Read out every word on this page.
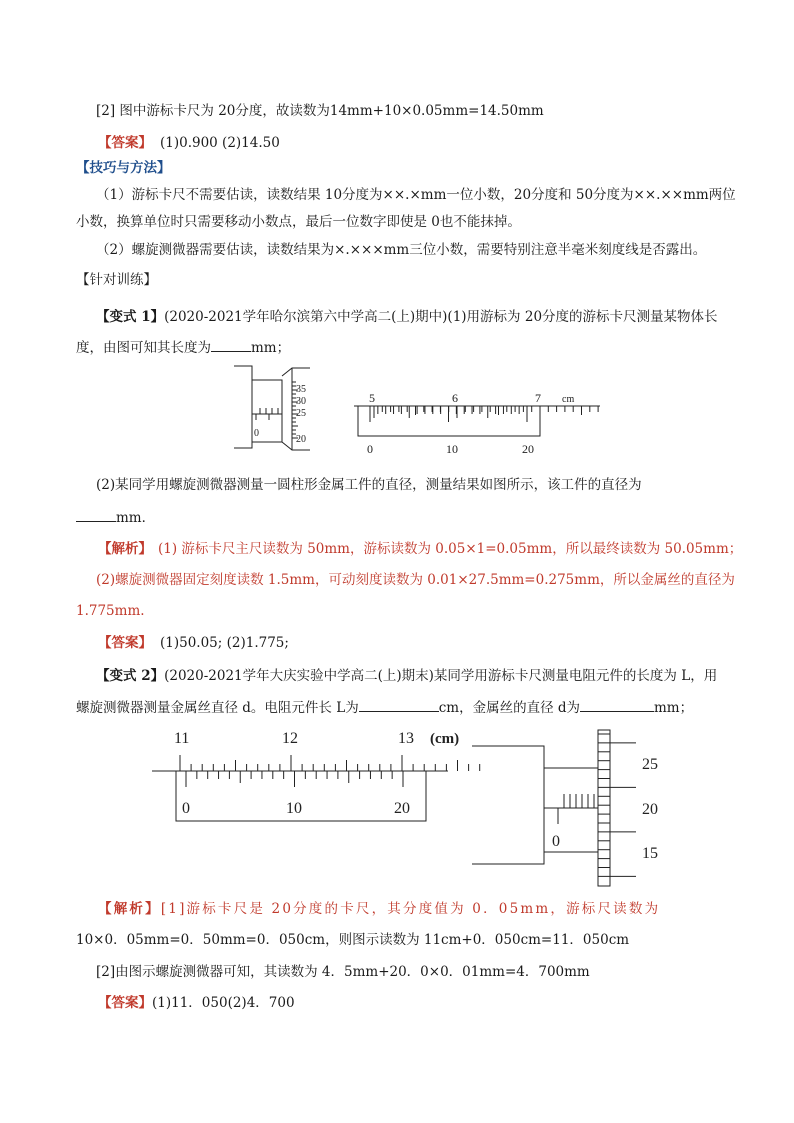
[2] 图中游标卡尺为 20分度，故读数为14mm+10×0.05mm=14.50mm
【答案】 (1)0.900 (2)14.50
【技巧与方法】
（1）游标卡尺不需要估读，读数结果 10分度为××.×mm一位小数，20分度和 50分度为××.××mm两位
小数，换算单位时只需要移动小数点，最后一位数字即使是 0也不能抹掉。
（2）螺旋测微器需要估读，读数结果为×.×××mm三位小数，需要特别注意半毫米刻度线是否露出。
【针对训练】
【变式 1】(2020-2021学年哈尔滨第六中学高二(上)期中)(1)用游标为 20分度的游标卡尺测量某物体长
度，由图可知其长度为	mm；
35
30
25
20
0
5	6	7 cm
0	10	20
(2)某同学用螺旋测微器测量一圆柱形金属工件的直径，测量结果如图所示，该工件的直径为
mm．
【解析】 (1) 游标卡尺主尺读数为 50mm，游标读数为 0.05×1=0.05mm，所以最终读数为 50.05mm；
(2)螺旋测微器固定刻度读数 1.5mm，可动刻度读数为 0.01×27.5mm=0.275mm，所以金属丝的直径为
1.775mm.
【答案】 (1)50.05; (2)1.775;
【变式 2】(2020-2021学年大庆实验中学高二(上)期末)某同学用游标卡尺测量电阻元件的长度为 L，用
螺旋测微器测量金属丝直径 d。电阻元件长 L为	cm，金属丝的直径 d为	mm；
11	12	13 (cm)
0	10	20
25
20
15
0
【解析】[1]游标卡尺是 20分度的卡尺，其分度值为 0．05mm，游标尺读数为
10×0．05mm=0．50mm=0．050cm，则图示读数为 11cm+0．050cm=11．050cm
[2]由图示螺旋测微器可知，其读数为 4．5mm+20．0×0．01mm=4．700mm
【答案】(1)11．050(2)4．700
